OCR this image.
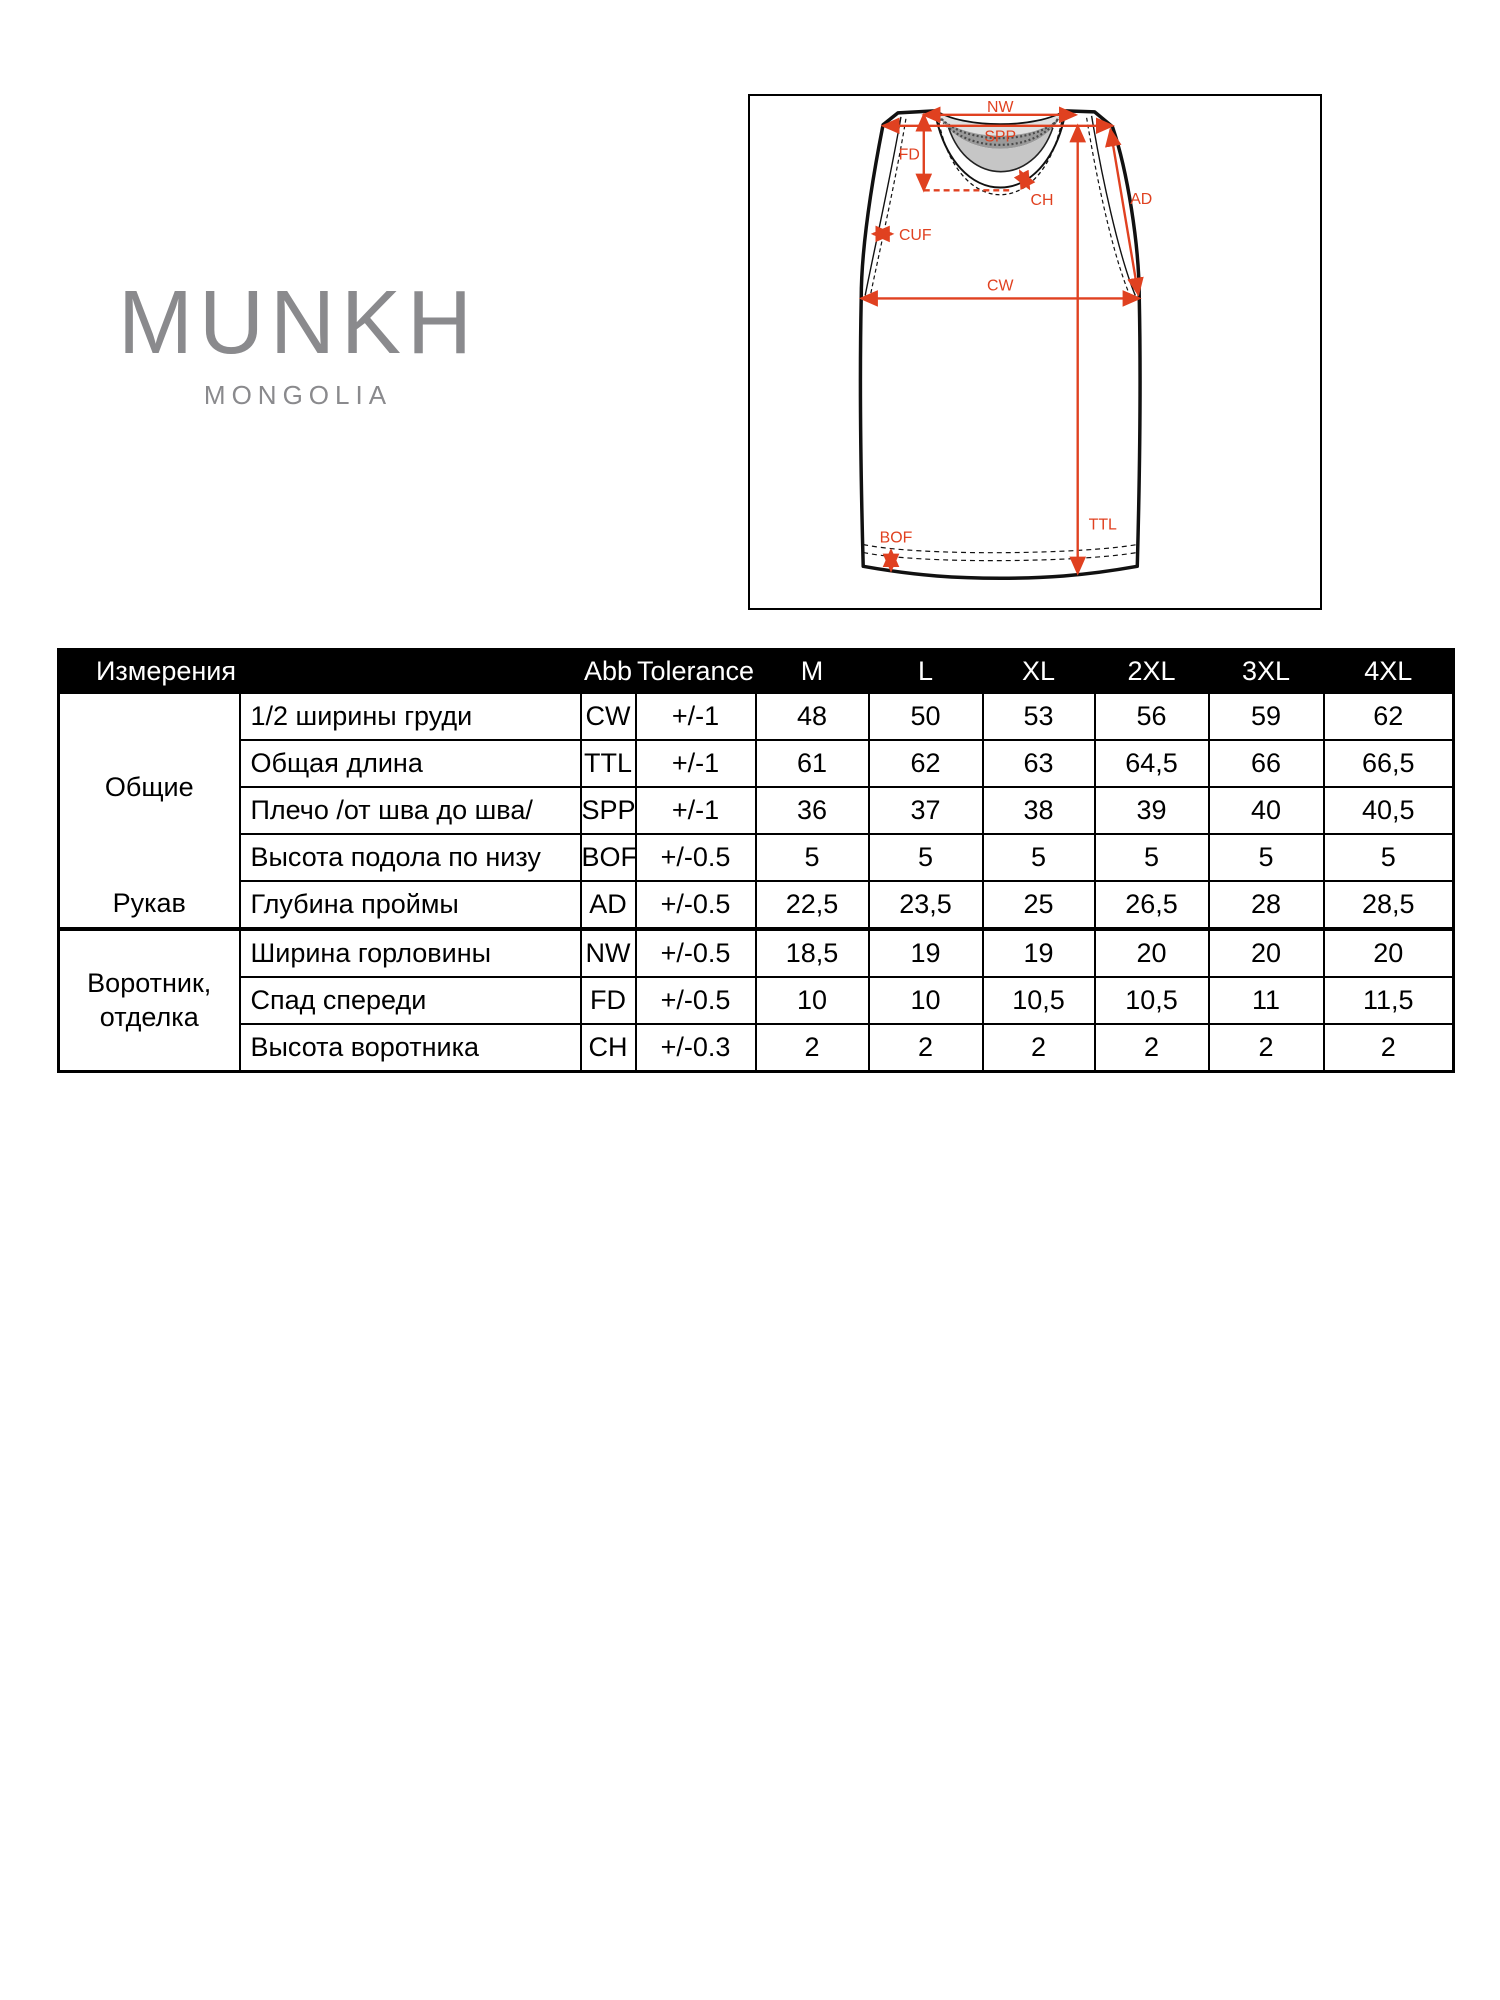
MUNKH
MONGOLIA
NW
SPP
FD
CH	AD
CUF
CW
TTL
BOF
Измерения		Abb	Tolerance	M	L	XL	2XL	3XL	4XL
Общие	1/2 ширины груди	CW	+/-1	48	50	53	56	59	62
	Общая длина	TTL	+/-1	61	62	63	64,5	66	66,5
	Плечо /от шва до шва/	SPP	+/-1	36	37	38	39	40	40,5
	Высота подола по низу	BOF	+/-0.5	5	5	5	5	5	5
Рукав	Глубина проймы	AD	+/-0.5	22,5	23,5	25	26,5	28	28,5
Воротник, отделка	Ширина горловины	NW	+/-0.5	18,5	19	19	20	20	20
	Спад спереди	FD	+/-0.5	10	10	10,5	10,5	11	11,5
	Высота воротника	CH	+/-0.3	2	2	2	2	2	2
